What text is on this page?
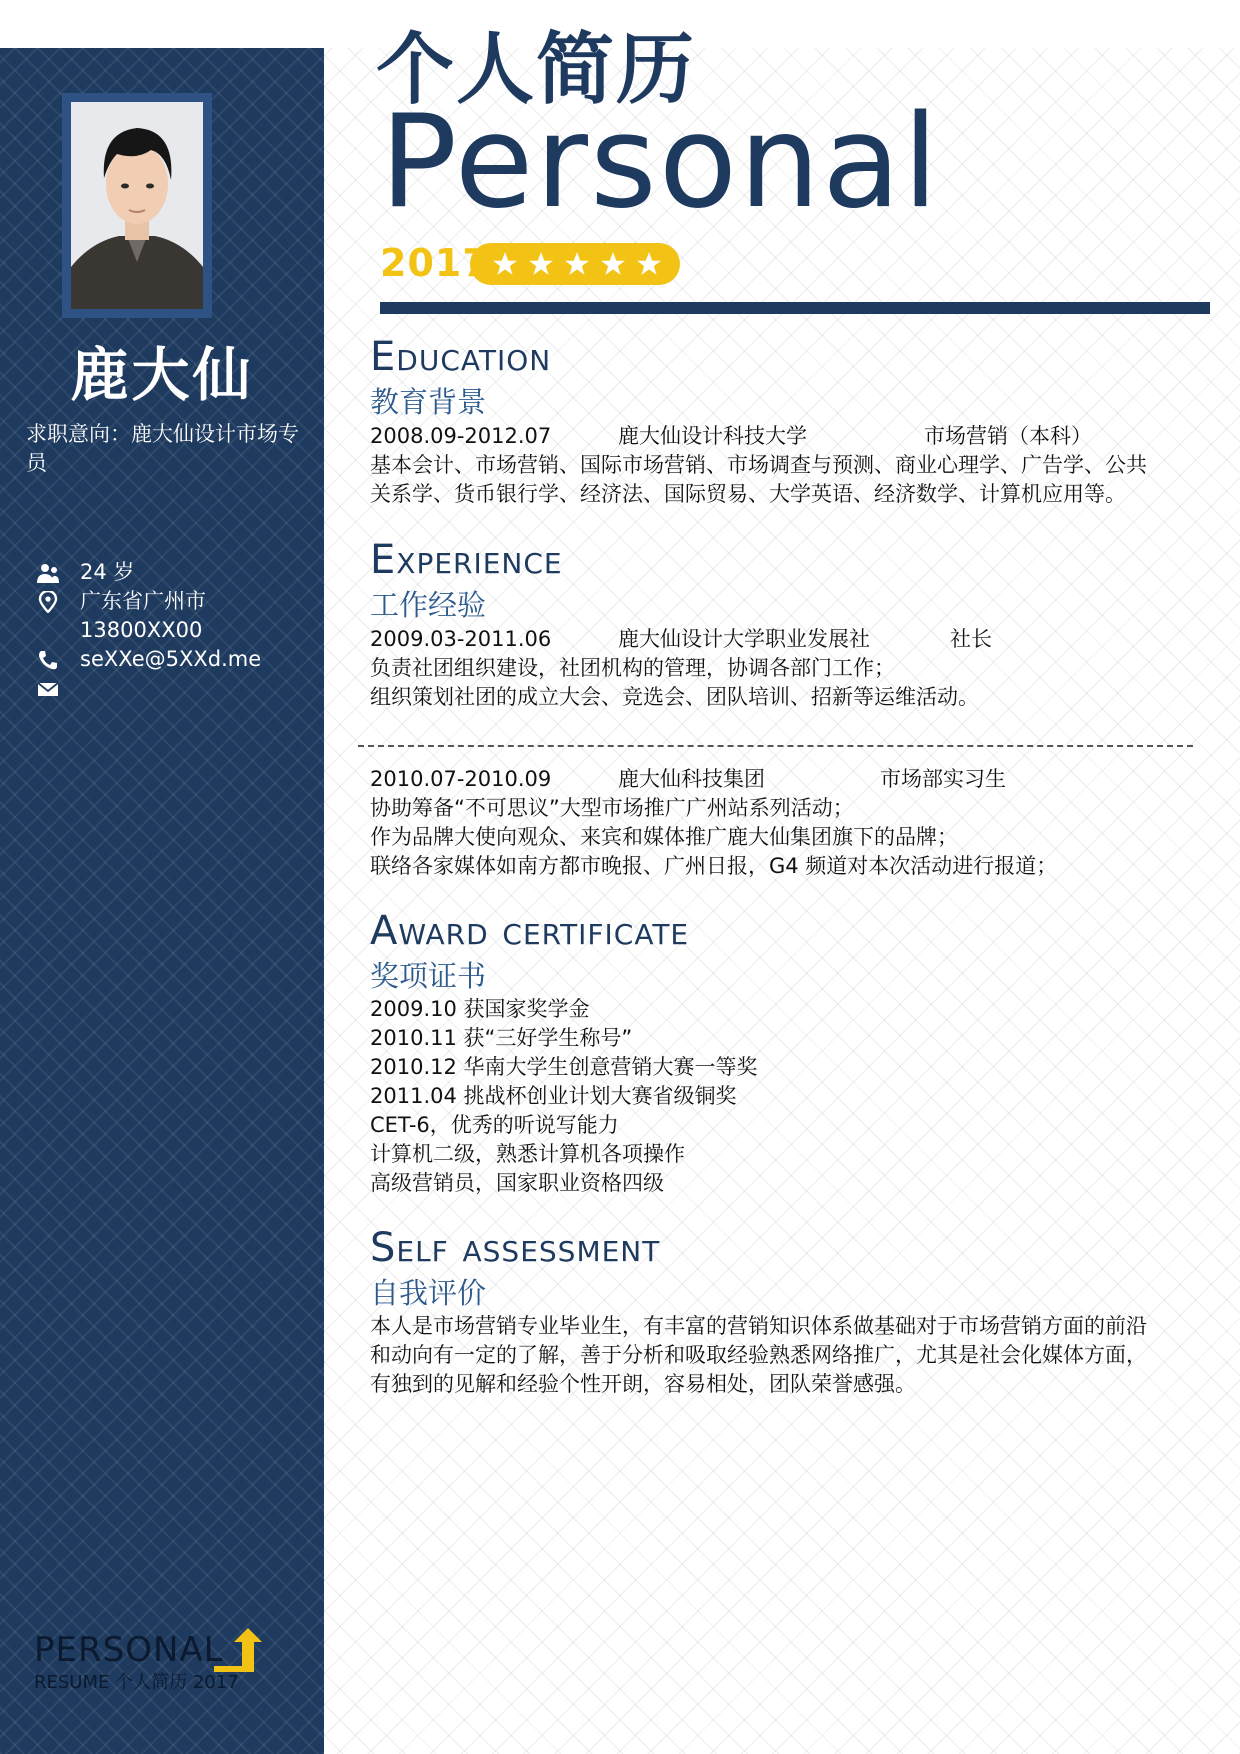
鹿大仙
求职意向：鹿大仙设计市场专员
24 岁
广东省广州市
13800XX00
seXXe@5XXd.me
PERSONAL
RESUME 个人简历 2017
个人简历
Personal
2017
Education
教育背景
2008.09-2012.07	鹿大仙设计科技大学	市场营销（本科）
基本会计、市场营销、国际市场营销、市场调查与预测、商业心理学、广告学、公共
关系学、货币银行学、经济法、国际贸易、大学英语、经济数学、计算机应用等。
Experience
工作经验
2009.03-2011.06	鹿大仙设计大学职业发展社	社长
负责社团组织建设，社团机构的管理，协调各部门工作；
组织策划社团的成立大会、竞选会、团队培训、招新等运维活动。
2010.07-2010.09	鹿大仙科技集团	市场部实习生
协助筹备“不可思议”大型市场推广广州站系列活动；
作为品牌大使向观众、来宾和媒体推广鹿大仙集团旗下的品牌；
联络各家媒体如南方都市晚报、广州日报，G4 频道对本次活动进行报道；
Award certificate
奖项证书
2009.10 获国家奖学金
2010.11 获“三好学生称号”
2010.12 华南大学生创意营销大赛一等奖
2011.04 挑战杯创业计划大赛省级铜奖
CET-6，优秀的听说写能力
计算机二级，熟悉计算机各项操作
高级营销员，国家职业资格四级
Self assessment
自我评价
本人是市场营销专业毕业生，有丰富的营销知识体系做基础对于市场营销方面的前沿
和动向有一定的了解，善于分析和吸取经验熟悉网络推广，尤其是社会化媒体方面，
有独到的见解和经验个性开朗，容易相处，团队荣誉感强。
